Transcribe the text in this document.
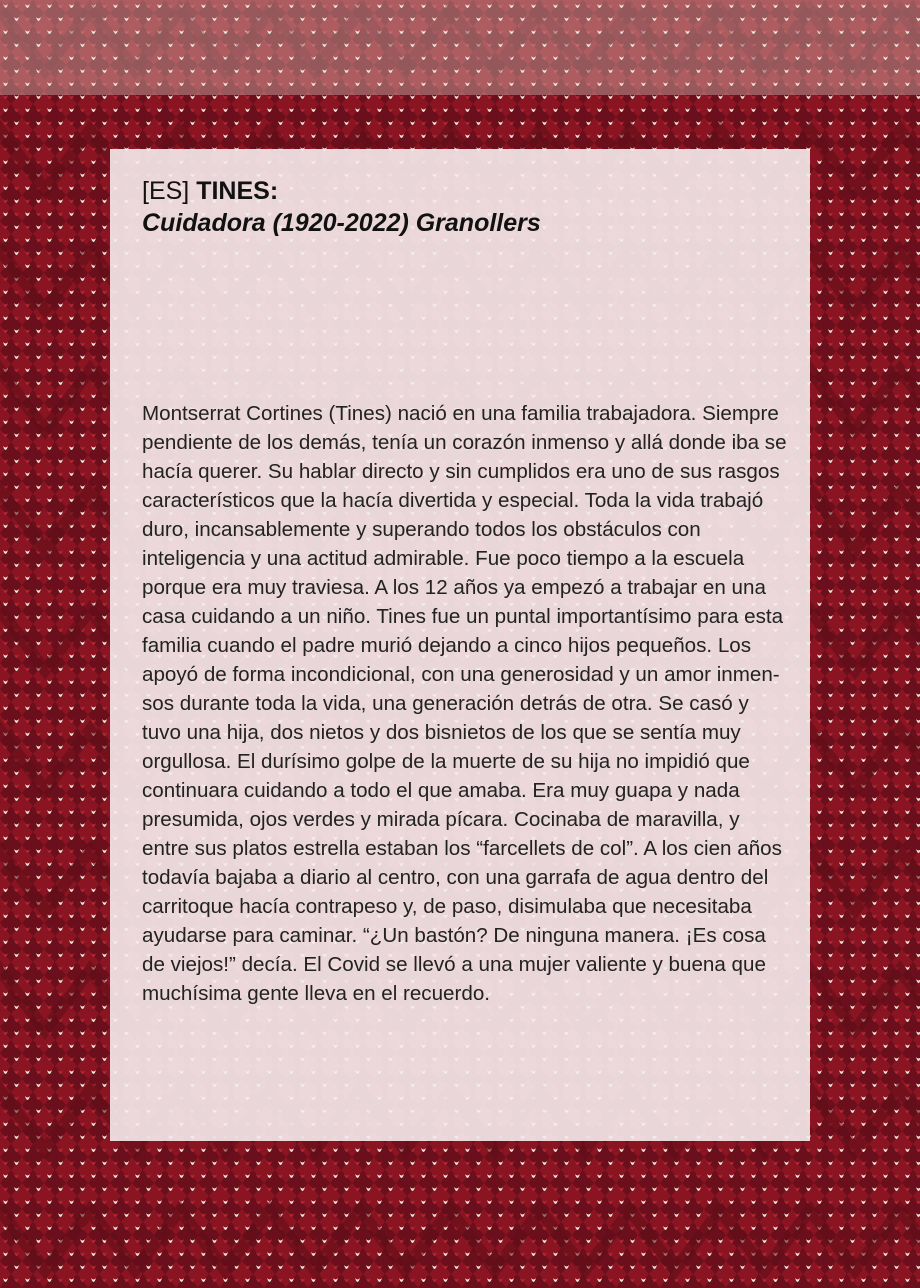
[ES] TINES:
Cuidadora (1920-2022) Granollers

Montserrat Cortines (Tines) nació en una familia trabajadora. Siempre pendiente de los demás, tenía un corazón inmenso y allá donde iba se hacía querer. Su hablar directo y sin cumplidos era uno de sus rasgos característicos que la hacía divertida y especial. Toda la vida trabajó duro, incansablemente y superando todos los obstáculos con inteligencia y una actitud admirable. Fue poco tiempo a la escuela porque era muy traviesa. A los 12 años ya empezó a trabajar en una casa cuidando a un niño. Tines fue un puntal importantísimo para esta familia cuando el padre murió dejando a cinco hijos pequeños. Los apoyó de forma incondicional, con una generosidad y un amor inmensos durante toda la vida, una generación detrás de otra. Se casó y tuvo una hija, dos nietos y dos bisnietos de los que se sentía muy orgullosa. El durísimo golpe de la muerte de su hija no impidió que continuara cuidando a todo el que amaba. Era muy guapa y nada presumida, ojos verdes y mirada pícara. Cocinaba de maravilla, y entre sus platos estrella estaban los “farcellets de col”. A los cien años todavía bajaba a diario al centro, con una garrafa de agua dentro del carritoque hacía contrapeso y, de paso, disimulaba que necesitaba ayudarse para caminar. “¿Un bastón? De ninguna manera. ¡Es cosa de viejos!” decía. El Covid se llevó a una mujer valiente y buena que muchísima gente lleva en el recuerdo.
